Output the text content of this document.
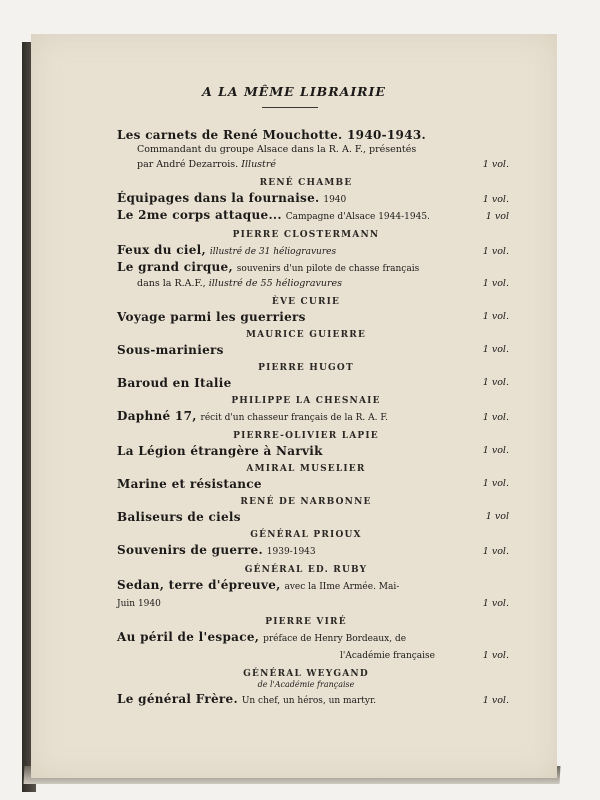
A LA MÊME LIBRAIRIE
Les carnets de René Mouchotte. 1940-1943.
Commandant du groupe Alsace dans la R. A. F., présentés
par André Dezarrois. Illustré	1 vol.
RENÉ CHAMBE
Équipages dans la fournaise. 1940	1 vol.
Le 2me corps attaque... Campagne d'Alsace 1944-1945.	1 vol
PIERRE CLOSTERMANN
Feux du ciel, illustré de 31 héliogravures	1 vol.
Le grand cirque, souvenirs d'un pilote de chasse français
dans la R.A.F., illustré de 55 héliogravures	1 vol.
ÈVE CURIE
Voyage parmi les guerriers	1 vol.
MAURICE GUIERRE
Sous-mariniers	1 vol.
PIERRE HUGOT
Baroud en Italie	1 vol.
PHILIPPE LA CHESNAIE
Daphné 17, récit d'un chasseur français de la R. A. F.	1 vol.
PIERRE-OLIVIER LAPIE
La Légion étrangère à Narvik	1 vol.
AMIRAL MUSELIER
Marine et résistance	1 vol.
RENÉ DE NARBONNE
Baliseurs de ciels	1 vol
GÉNÉRAL PRIOUX
Souvenirs de guerre. 1939-1943	1 vol.
GÉNÉRAL ED. RUBY
Sedan, terre d'épreuve, avec la IIme Armée. Mai-
Juin 1940	1 vol.
PIERRE VIRÉ
Au péril de l'espace, préface de Henry Bordeaux, de
l'Académie française	1 vol.
GÉNÉRAL WEYGAND
de l'Académie française
Le général Frère. Un chef, un héros, un martyr.	1 vol.
